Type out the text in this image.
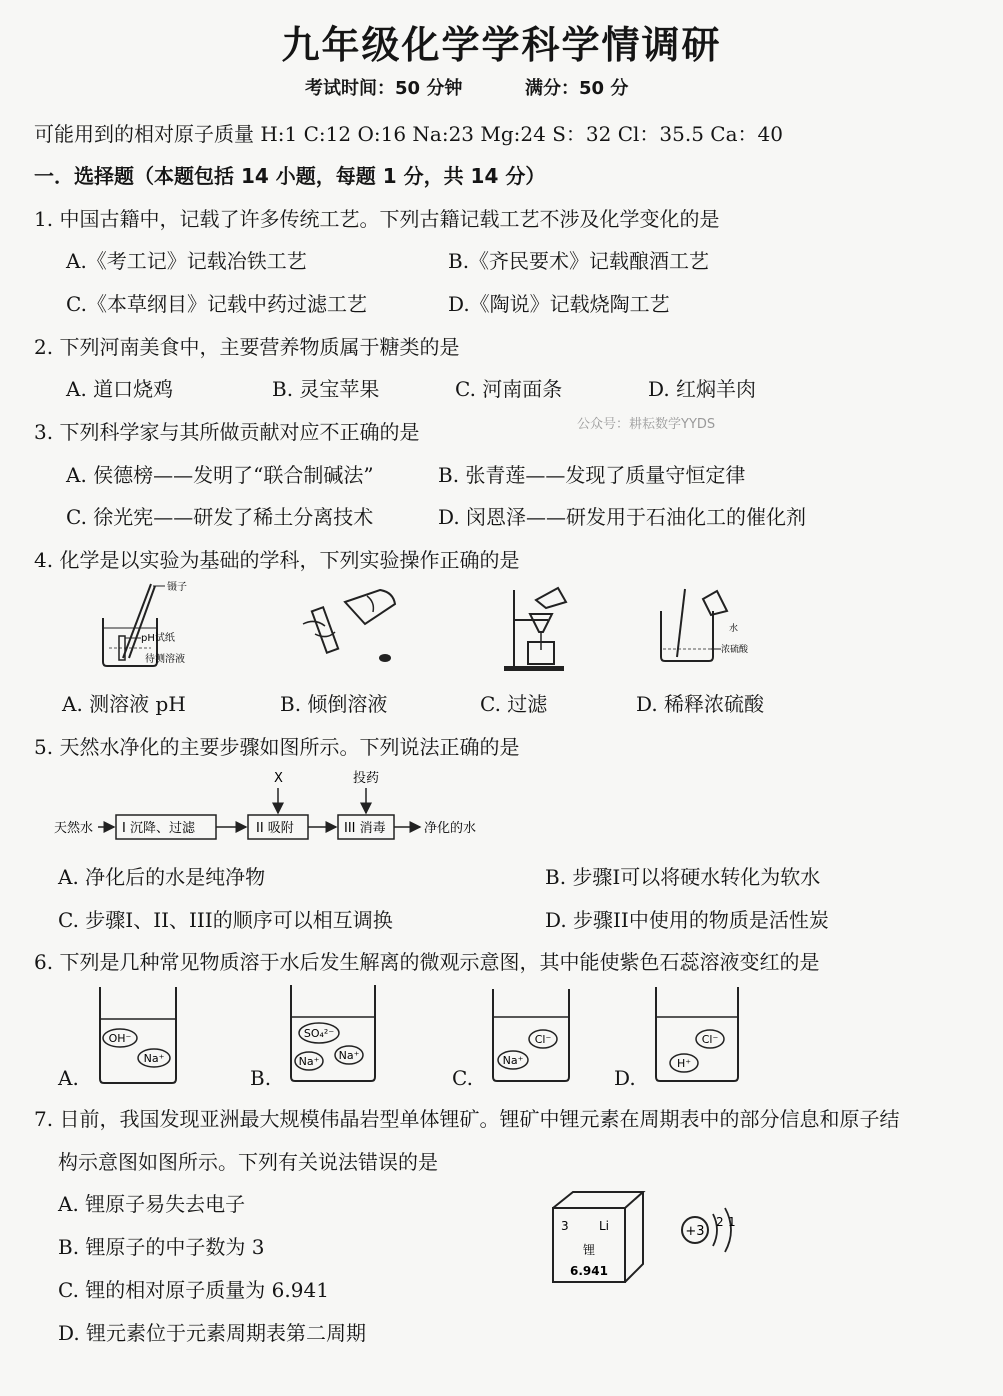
九年级化学学科学情调研
考试时间：50 分钟	满分：50 分
可能用到的相对原子质量 H:1 C:12 O:16 Na:23 Mg:24 S：32 Cl：35.5 Ca：40
一．选择题（本题包括 14 小题，每题 1 分，共 14 分）
1. 中国古籍中，记载了许多传统工艺。下列古籍记载工艺不涉及化学变化的是
A.《考工记》记载冶铁工艺	B.《齐民要术》记载酿酒工艺
C.《本草纲目》记载中药过滤工艺	D.《陶说》记载烧陶工艺
2. 下列河南美食中，主要营养物质属于糖类的是
A. 道口烧鸡	B. 灵宝苹果	C. 河南面条	D. 红焖羊肉
3. 下列科学家与其所做贡献对应不正确的是	公众号：耕耘数学YYDS
A. 侯德榜——发明了“联合制碱法”	B. 张青莲——发现了质量守恒定律
C. 徐光宪——研发了稀土分离技术	D. 闵恩泽——研发用于石油化工的催化剂
4. 化学是以实验为基础的学科，下列实验操作正确的是
镊子
pH试纸
待测溶液
水
浓硫酸
A. 测溶液 pH	B. 倾倒溶液	C. 过滤	D. 稀释浓硫酸
5. 天然水净化的主要步骤如图所示。下列说法正确的是
天然水 I 沉降、过滤	II 吸附
X
III 消毒
投药
净化的水
A. 净化后的水是纯净物	B. 步骤I可以将硬水转化为软水
C. 步骤I、II、III的顺序可以相互调换	D. 步骤II中使用的物质是活性炭
6. 下列是几种常见物质溶于水后发生解离的微观示意图，其中能使紫色石蕊溶液变红的是
A.
OH⁻
Na⁺
B.
SO₄²⁻
Na⁺ Na⁺
C.
Cl⁻
Na⁺
D.
Cl⁻
H⁺
7. 日前，我国发现亚洲最大规模伟晶岩型单体锂矿。锂矿中锂元素在周期表中的部分信息和原子结
构示意图如图所示。下列有关说法错误的是
A. 锂原子易失去电子
B. 锂原子的中子数为 3
C. 锂的相对原子质量为 6.941
D. 锂元素位于元素周期表第二周期
3	Li
锂
6.941
+3
2 1
